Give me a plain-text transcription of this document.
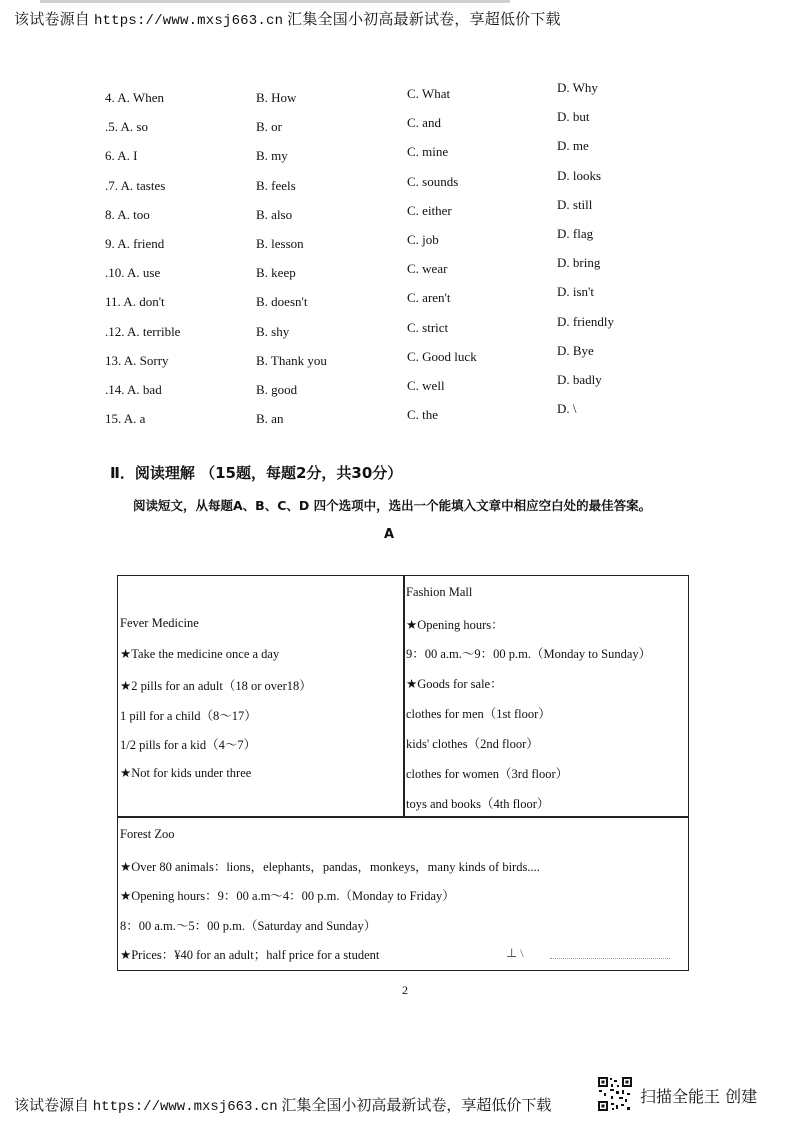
该试卷源自 https://www.mxsj663.cn 汇集全国小初高最新试卷，享超低价下载
4. A. When	B. How	C. What	D. Why
.5. A. so	B. or	C. and	D. but
6. A. I	B. my	C. mine	D. me
.7. A. tastes	B. feels	C. sounds	D. looks
8. A. too	B. also	C. either	D. still
9. A. friend	B. lesson	C. job	D. flag
.10. A. use	B. keep	C. wear	D. bring
11. A. don't	B. doesn't	C. aren't	D. isn't
.12. A. terrible	B. shy	C. strict	D. friendly
13. A. Sorry	B. Thank you	C. Good luck	D. Bye
.14. A. bad	B. good	C. well	D. badly
15. A. a	B. an	C. the	D. \
Ⅱ．阅读理解 （15题，每题2分，共30分）
阅读短文，从每题A、B、C、D 四个选项中，选出一个能填入文章中相应空白处的最佳答案。
A
Fever Medicine
★Take the medicine once a day
★2 pills for an adult（18 or over18）
1 pill for a child（8～17）
1/2 pills for a kid（4～7）
★Not for kids under three
Fashion Mall
★Opening hours：
9：00 a.m.～9：00 p.m.（Monday to Sunday）
★Goods for sale：
clothes for men（1st floor）
kids' clothes（2nd floor）
clothes for women（3rd floor）
toys and books（4th floor）
Forest Zoo
★Over 80 animals：lions，elephants，pandas，monkeys，many kinds of birds....
★Opening hours：9：00 a.m～4：00 p.m.（Monday to Friday）
8：00 a.m.～5：00 p.m.（Saturday and Sunday）
★Prices：¥40 for an adult；half price for a student	⊥ \
2
该试卷源自 https://www.mxsj663.cn 汇集全国小初高最新试卷，享超低价下载	扫描全能王 创建
